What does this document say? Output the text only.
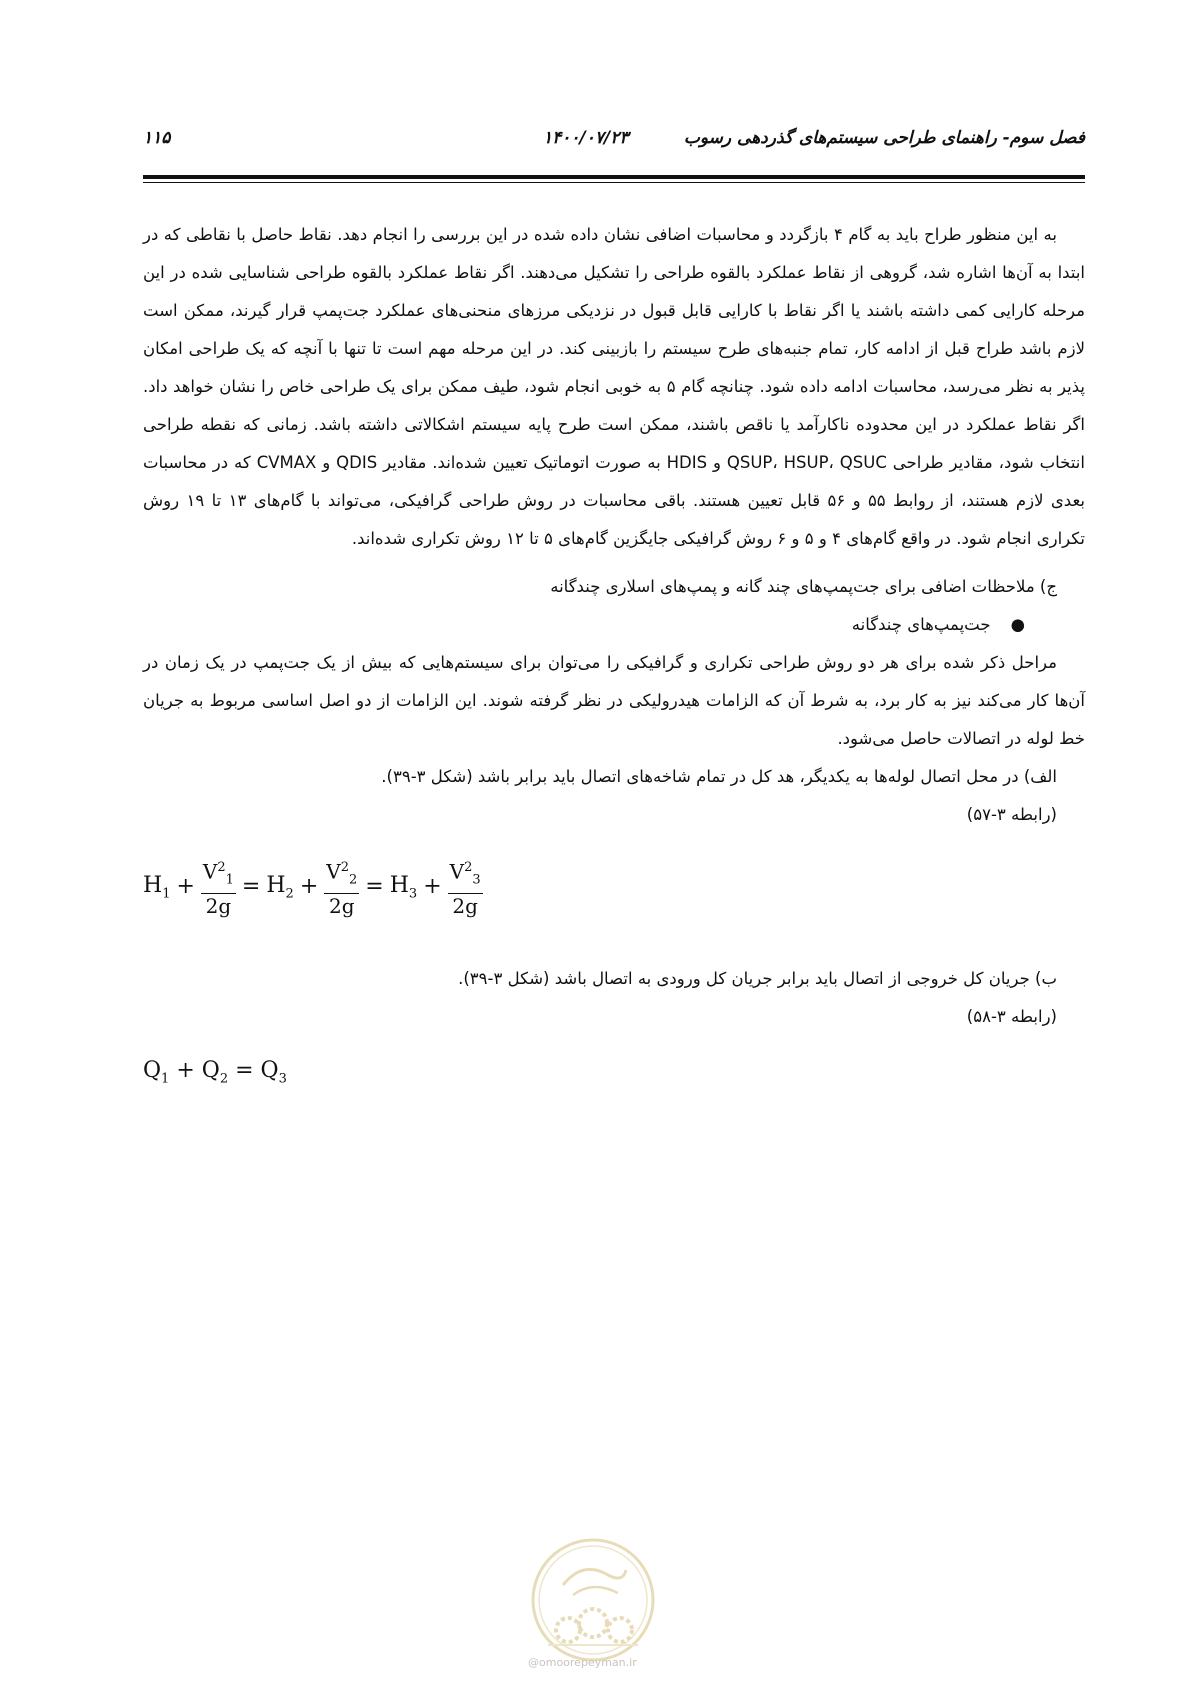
فصل سوم- راهنمای طراحی سیستم‌های گذردهی رسوب
۱۴۰۰/۰۷/۲۳
۱۱۵

به این منظور طراح باید به گام ۴ بازگردد و محاسبات اضافی نشان داده شده در این بررسی را انجام دهد. نقاط حاصل با نقاطی که در ابتدا به آن‌ها اشاره شد، گروهی از نقاط عملکرد بالقوه طراحی را تشکیل می‌دهند. اگر نقاط عملکرد بالقوه طراحی شناسایی شده در این مرحله کارایی کمی داشته باشند یا اگر نقاط با کارایی قابل قبول در نزدیکی مرزهای منحنی‌های عملکرد جت‌پمپ قرار گیرند، ممکن است لازم باشد طراح قبل از ادامه کار، تمام جنبه‌های طرح سیستم را بازبینی کند. در این مرحله مهم است تا تنها با آنچه که یک طراحی امکان پذیر به نظر می‌رسد، محاسبات ادامه داده شود. چنانچه گام ۵ به خوبی انجام شود، طیف ممکن برای یک طراحی خاص را نشان خواهد داد. اگر نقاط عملکرد در این محدوده ناکارآمد یا ناقص باشند، ممکن است طرح پایه سیستم اشکالاتی داشته باشد. زمانی که نقطه طراحی انتخاب شود، مقادیر طراحی QSUP، HSUP، QSUC و HDIS به صورت اتوماتیک تعیین شده‌اند. مقادیر QDIS و CVMAX که در محاسبات بعدی لازم هستند، از روابط ۵۵ و ۵۶ قابل تعیین هستند. باقی محاسبات در روش طراحی گرافیکی، می‌تواند با گام‌های ۱۳ تا ۱۹ روش تکراری انجام شود. در واقع گام‌های ۴ و ۵ و ۶ روش گرافیکی جایگزین گام‌های ۵ تا ۱۲ روش تکراری شده‌اند.

ج) ملاحظات اضافی برای جت‌پمپ‌های چند گانه و پمپ‌های اسلاری چندگانه

●جت‌پمپ‌های چندگانه

مراحل ذکر شده برای هر دو روش طراحی تکراری و گرافیکی را می‌توان برای سیستم‌هایی که بیش از یک جت‌پمپ در یک زمان در آن‌ها کار می‌کند نیز به کار برد، به شرط آن که الزامات هیدرولیکی در نظر گرفته شوند. این الزامات از دو اصل اساسی مربوط به جریان خط لوله در اتصالات حاصل می‌شود.

الف) در محل اتصال لوله‌ها به یکدیگر، هد کل در تمام شاخه‌های اتصال باید برابر باشد (شکل ۳-۳۹).

(رابطه ۳-۵۷)

$H_1 + \frac{V^2_1}{2g} = H_2 + \frac{V^2_2}{2g} = H_3 + \frac{V^2_3}{2g}$

ب) جریان کل خروجی از اتصال باید برابر جریان کل ورودی به اتصال باشد (شکل ۳-۳۹).

(رابطه ۳-۵۸)

$Q_1 + Q_2 = Q_3$
@omoorepeyman.ir
